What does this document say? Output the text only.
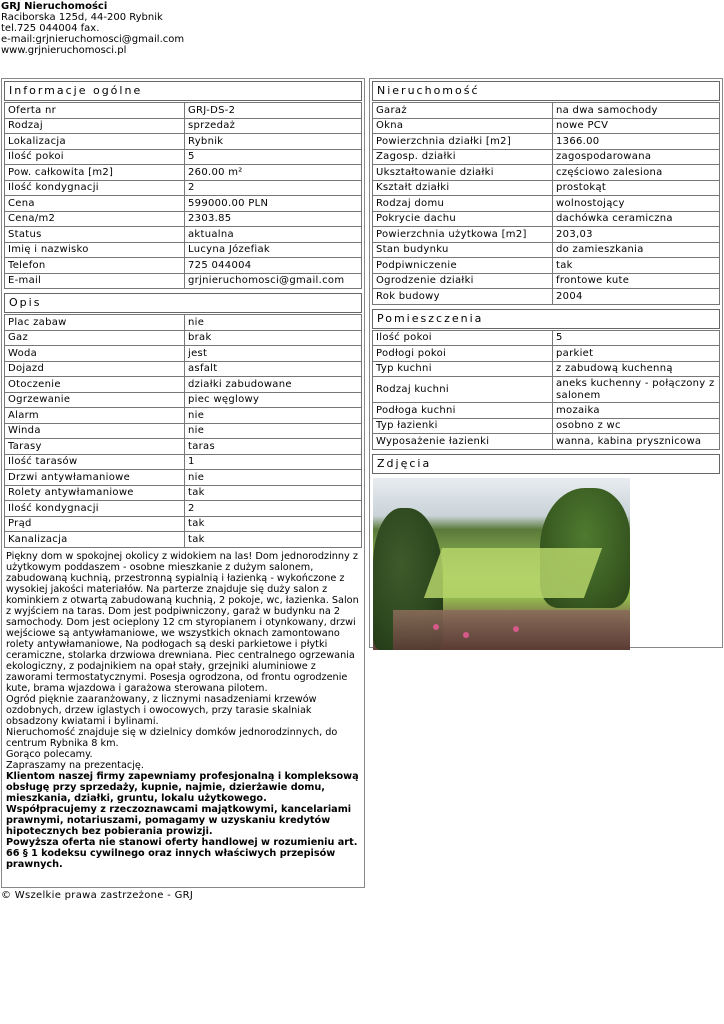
GRJ Nieruchomości
Raciborska 125d, 44-200 Rybnik
tel.725 044004 fax.
e-mail:grjnieruchomosci@gmail.com
www.grjnieruchomosci.pl
Informacje ogólne
Oferta nr	GRJ-DS-2
Rodzaj	sprzedaż
Lokalizacja	Rybnik
Ilość pokoi	5
Pow. całkowita [m2]	260.00 m²
Ilość kondygnacji	2
Cena	599000.00 PLN
Cena/m2	2303.85
Status	aktualna
Imię i nazwisko	Lucyna Józefiak
Telefon	725 044004
E-mail	grjnieruchomosci@gmail.com
Opis
Plac zabaw	nie
Gaz	brak
Woda	jest
Dojazd	asfalt
Otoczenie	działki zabudowane
Ogrzewanie	piec węglowy
Alarm	nie
Winda	nie
Tarasy	taras
Ilość tarasów	1
Drzwi antywłamaniowe	nie
Rolety antywłamaniowe	tak
Ilość kondygnacji	2
Prąd	tak
Kanalizacja	tak

Piękny dom w spokojnej okolicy z widokiem na las! Dom jednorodzinny z użytkowym poddaszem - osobne mieszkanie z dużym salonem, zabudowaną kuchnią, przestronną sypialnią i łazienką - wykończone z wysokiej jakości materiałów. Na parterze znajduje się duży salon z kominkiem z otwartą zabudowaną kuchnią, 2 pokoje, wc, łazienka. Salon z wyjściem na taras. Dom jest podpiwniczony, garaż w budynku na 2 samochody. Dom jest ocieplony 12 cm styropianem i otynkowany, drzwi wejściowe są antywłamaniowe, we wszystkich oknach zamontowano rolety antywłamaniowe, Na podłogach są deski parkietowe i płytki ceramiczne, stolarka drzwiowa drewniana. Piec centralnego ogrzewania ekologiczny, z podajnikiem na opał stały, grzejniki aluminiowe z zaworami termostatycznymi. Posesja ogrodzona, od frontu ogrodzenie kute, brama wjazdowa i garażowa sterowana pilotem.

Ogród pięknie zaaranżowany, z licznymi nasadzeniami krzewów ozdobnych, drzew iglastych i owocowych, przy tarasie skalniak obsadzony kwiatami i bylinami.

Nieruchomość znajduje się w dzielnicy domków jednorodzinnych, do centrum Rybnika 8 km.

Gorąco polecamy.

Zapraszamy na prezentację.

Klientom naszej firmy zapewniamy profesjonalną i kompleksową obsługę przy sprzedaży, kupnie, najmie, dzierżawie domu, mieszkania, działki, gruntu, lokalu użytkowego.

Współpracujemy z rzeczoznawcami majątkowymi, kancelariami prawnymi, notariuszami, pomagamy w uzyskaniu kredytów hipotecznych bez pobierania prowizji.

Powyższa oferta nie stanowi oferty handlowej w rozumieniu art. 66 § 1 kodeksu cywilnego oraz innych właściwych przepisów prawnych.

Nieruchomość
Garaż	na dwa samochody
Okna	nowe PCV
Powierzchnia działki [m2]	1366.00
Zagosp. działki	zagospodarowana
Ukształtowanie działki	częściowo zalesiona
Kształt działki	prostokąt
Rodzaj domu	wolnostojący
Pokrycie dachu	dachówka ceramiczna
Powierzchnia użytkowa [m2]	203,03
Stan budynku	do zamieszkania
Podpiwniczenie	tak
Ogrodzenie działki	frontowe kute
Rok budowy	2004
Pomieszczenia
Ilość pokoi	5
Podłogi pokoi	parkiet
Typ kuchni	z zabudową kuchenną
Rodzaj kuchni	aneks kuchenny - połączony z salonem
Podłoga kuchni	mozaika
Typ łazienki	osobno z wc
Wyposażenie łazienki	wanna, kabina prysznicowa
Zdjęcia
© Wszelkie prawa zastrzeżone - GRJ
